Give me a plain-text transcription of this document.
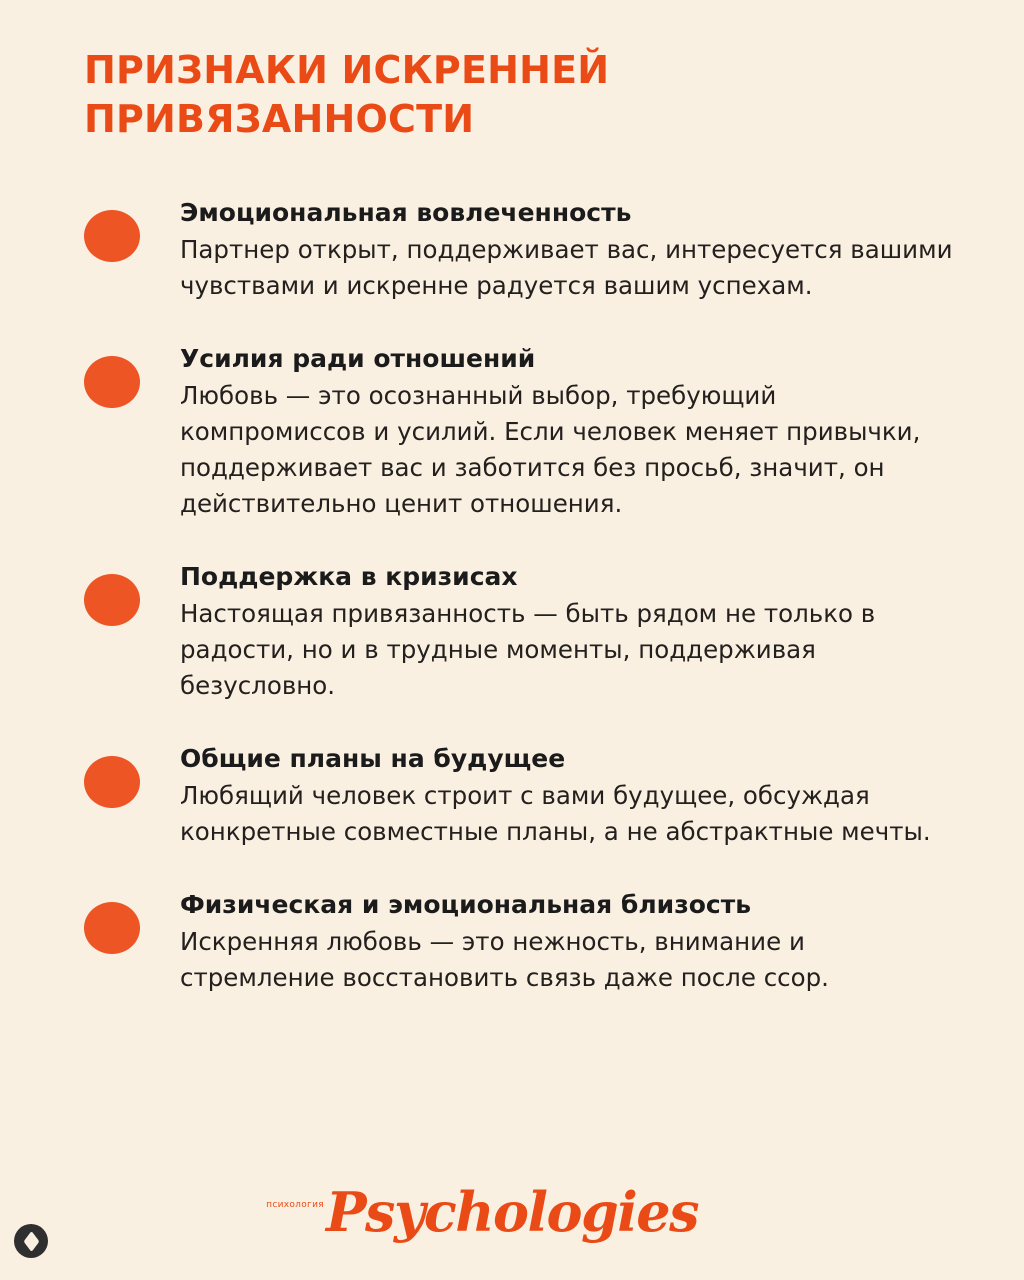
ПРИЗНАКИ ИСКРЕННЕЙ ПРИВЯЗАННОСТИ
Эмоциональная вовлеченность

Партнер открыт, поддерживает вас, интересуется вашими чувствами и искренне радуется вашим успехам.

Усилия ради отношений

Любовь — это осознанный выбор, требующий компромиссов и усилий. Если человек меняет привычки, поддерживает вас и заботится без просьб, значит, он действительно ценит отношения.

Поддержка в кризисах

Настоящая привязанность — быть рядом не только в радости, но и в трудные моменты, поддерживая безусловно.

Общие планы на будущее

Любящий человек строит с вами будущее, обсуждая конкретные совместные планы, а не абстрактные мечты.

Физическая и эмоциональная близость

Искренняя любовь — это нежность, внимание и стремление восстановить связь даже после ссор.

психология Psychologies
